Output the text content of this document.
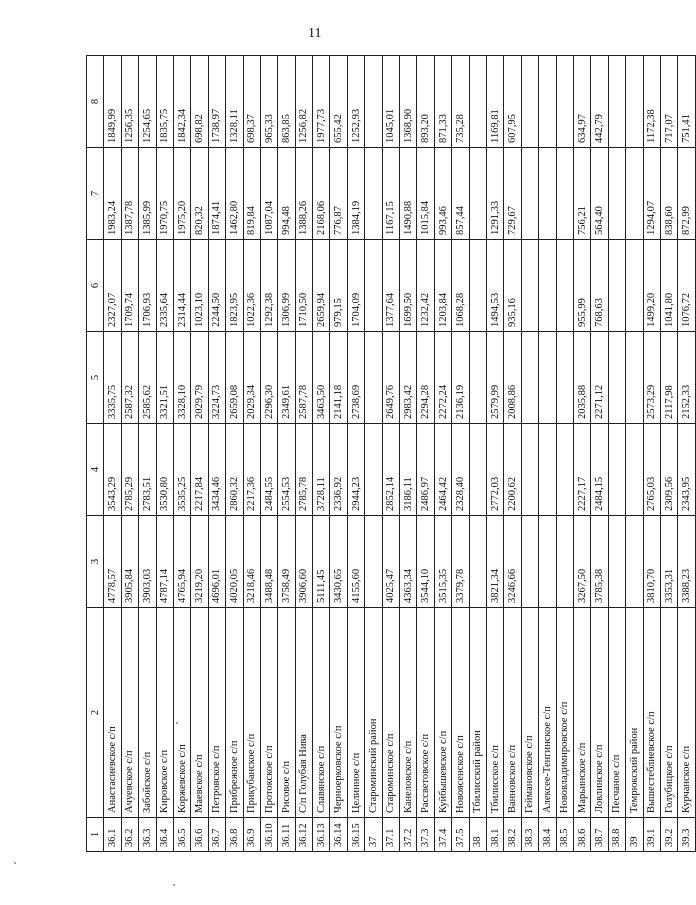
11
1	2	3	4	5	6	7	8
36.1	Анастасиевское с/п	4778,57	3543,29	3335,75	2327,07	1983,24	1849,99
36.2	Ачуевское с/п	3905,84	2785,29	2587,32	1709,74	1387,78	1256,35
36.3	Забойское с/п	3903,03	2783,51	2585,62	1706,93	1385,99	1254,65
36.4	Кировское с/п	4787,14	3530,80	3321,51	2335,64	1970,75	1835,75
36.5	Коржевское с/п	4765,94	3535,25	3328,10	2314,44	1975,20	1842,34
36.6	Маевское с/п	3219,20	2217,84	2029,79	1023,10	820,32	698,82
36.7	Петровское с/п	4696,01	3434,46	3224,73	2244,50	1874,41	1738,97
36.8	Прибрежное с/п	4020,05	2860,32	2659,08	1823,95	1462,80	1328,11
36.9	Прикубанское с/п	3218,46	2217,36	2029,34	1022,36	819,84	698,37
36.10	Протокское с/п	3488,48	2484,55	2296,30	1292,38	1087,04	965,33
36.11	Рисовое с/п	3758,49	2554,53	2349,61	1306,99	994,48	863,85
36.12	С/п Голубая Нива	3906,60	2785,78	2587,78	1710,50	1388,26	1256,82
36.13	Славянское с/п	5111,45	3728,11	3463,50	2659,94	2168,06	1977,73
36.14	Черноерковское с/п	3430,65	2336,92	2141,18	979,15	776,87	655,42
36.15	Целинное с/п	4155,60	2944,23	2738,69	1704,09	1384,19	1252,93
37	Староминский район						
37.1	Староминское с/п	4025,47	2852,14	2649,76	1377,64	1167,15	1045,01
37.2	Канеловское с/п	4363,34	3186,11	2983,42	1699,50	1490,88	1368,90
37.3	Рассветовское с/п	3544,10	2486,97	2294,28	1232,42	1015,84	893,20
37.4	Куйбышевское с/п	3515,35	2464,42	2272,24	1203,84	993,46	871,33
37.5	Новоясенское с/п	3379,78	2328,40	2136,19	1068,28	857,44	735,28
38	Тбилисский район						
38.1	Тбилисское с/п	3821,34	2772,03	2579,99	1494,53	1291,33	1169,81
38.2	Ванновское с/п	3246,66	2200,62	2008,86	935,16	729,67	607,95
38.3	Геймановское с/п						
38.4	Алексее-Тенгинское с/п						
38.5	Нововладимировское с/п						
38.6	Марьинское с/п	3267,50	2227,17	2035,88	955,99	756,21	634,97
38.7	Ловлинское с/п	3785,38	2484,15	2271,12	768,63	564,40	442,79
38.8	Песчаное с/п						
39	Темрюкский район						
39.1	Вышестеблиевское с/п	3810,70	2765,03	2573,29	1499,20	1294,07	1172,38
39.2	Голубицкое с/п	3353,31	2309,56	2117,98	1041,80	838,60	717,07
39.3	Курчанское с/п	3388,23	2343,95	2152,33	1076,72	872,99	751,41
